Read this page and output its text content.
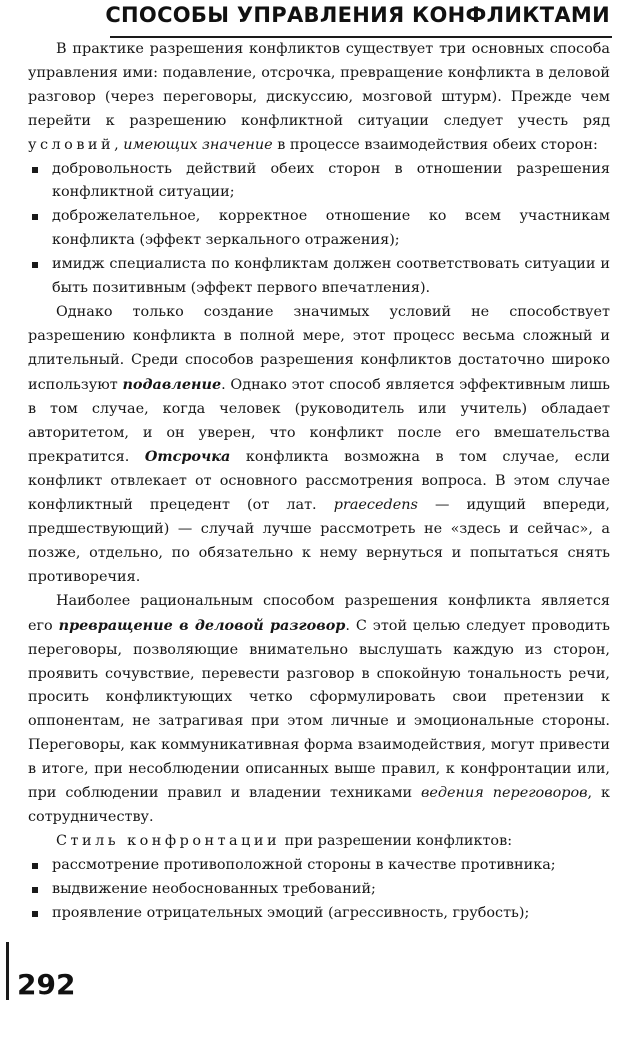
СПОСОБЫ УПРАВЛЕНИЯ КОНФЛИКТАМИ

В практике разрешения конфликтов существует три основных способа управления ими: подавление, отсрочка, превращение конфликта в деловой разговор (через переговоры, дискуссию, мозговой штурм). Прежде чем перейти к разрешению конфликтной ситуации следует учесть ряд условий, имеющих значение в процессе взаимодействия обеих сторон:

добровольность действий обеих сторон в отношении разрешения конфликтной ситуации;
доброжелательное, корректное отношение ко всем участникам конфликта (эффект зеркального отражения);
имидж специалиста по конфликтам должен соответствовать ситуации и быть позитивным (эффект первого впечатления).

Однако только создание значимых условий не способствует разрешению конфликта в полной мере, этот процесс весьма сложный и длительный. Среди способов разрешения конфликтов достаточно широко используют подавление. Однако этот способ является эффективным лишь в том случае, когда человек (руководитель или учитель) обладает авторитетом, и он уверен, что конфликт после его вмешательства прекратится. Отсрочка конфликта возможна в том случае, если конфликт отвлекает от основного рассмотрения вопроса. В этом случае конфликтный прецедент (от лат. praecedens — идущий впереди, предшествующий) — случай лучше рассмотреть не «здесь и сейчас», а позже, отдельно, по обязательно к нему вернуться и попытаться снять противоречия.

Наиболее рациональным способом разрешения конфликта является его превращение в деловой разговор. С этой целью следует проводить переговоры, позволяющие внимательно выслушать каждую из сторон, проявить сочувствие, перевести разговор в спокойную тональность речи, просить конфликтующих четко сформулировать свои претензии к оппонентам, не затрагивая при этом личные и эмоциональные стороны. Переговоры, как коммуникативная форма взаимодействия, могут привести в итоге, при несоблюдении описанных выше правил, к конфронтации или, при соблюдении правил и владении техниками ведения переговоров, к сотрудничеству.

Стиль конфронтации при разрешении конфликтов:

рассмотрение противоположной стороны в качестве противника;
выдвижение необоснованных требований;
проявление отрицательных эмоций (агрессивность, грубость);
292
